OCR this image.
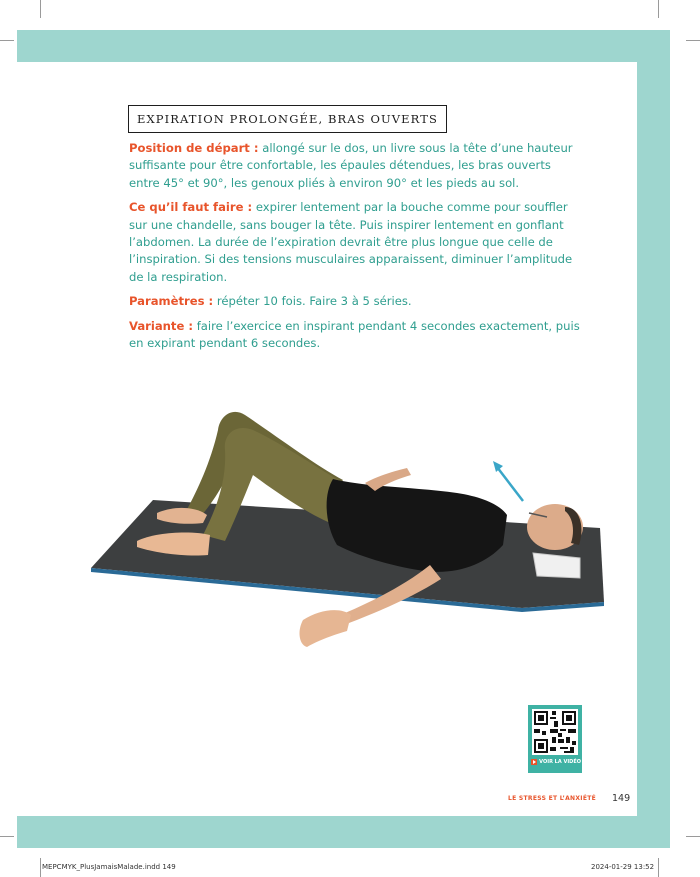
EXPIRATION PROLONGÉE, BRAS OUVERTS

Position de départ : allongé sur le dos, un livre sous la tête d’une hauteur suffisante pour être confortable, les épaules détendues, les bras ouverts entre 45° et 90°, les genoux pliés à environ 90° et les pieds au sol.

Ce qu’il faut faire : expirer lentement par la bouche comme pour souffler sur une chandelle, sans bouger la tête. Puis inspirer lentement en gonflant l’abdomen. La durée de l’expiration devrait être plus longue que celle de l’inspiration. Si des tensions musculaires apparaissent, diminuer l’amplitude de la respiration.

Paramètres : répéter 10 fois. Faire 3 à 5 séries.

Variante : faire l’exercice en inspirant pendant 4 secondes exactement, puis en expirant pendant 6 secondes.

VOIR LA VIDÉO
LE STRESS ET L’ANXIÉTÉ 149
MEPCMYK_PlusJamaisMalade.indd 149	2024-01-29 13:52
